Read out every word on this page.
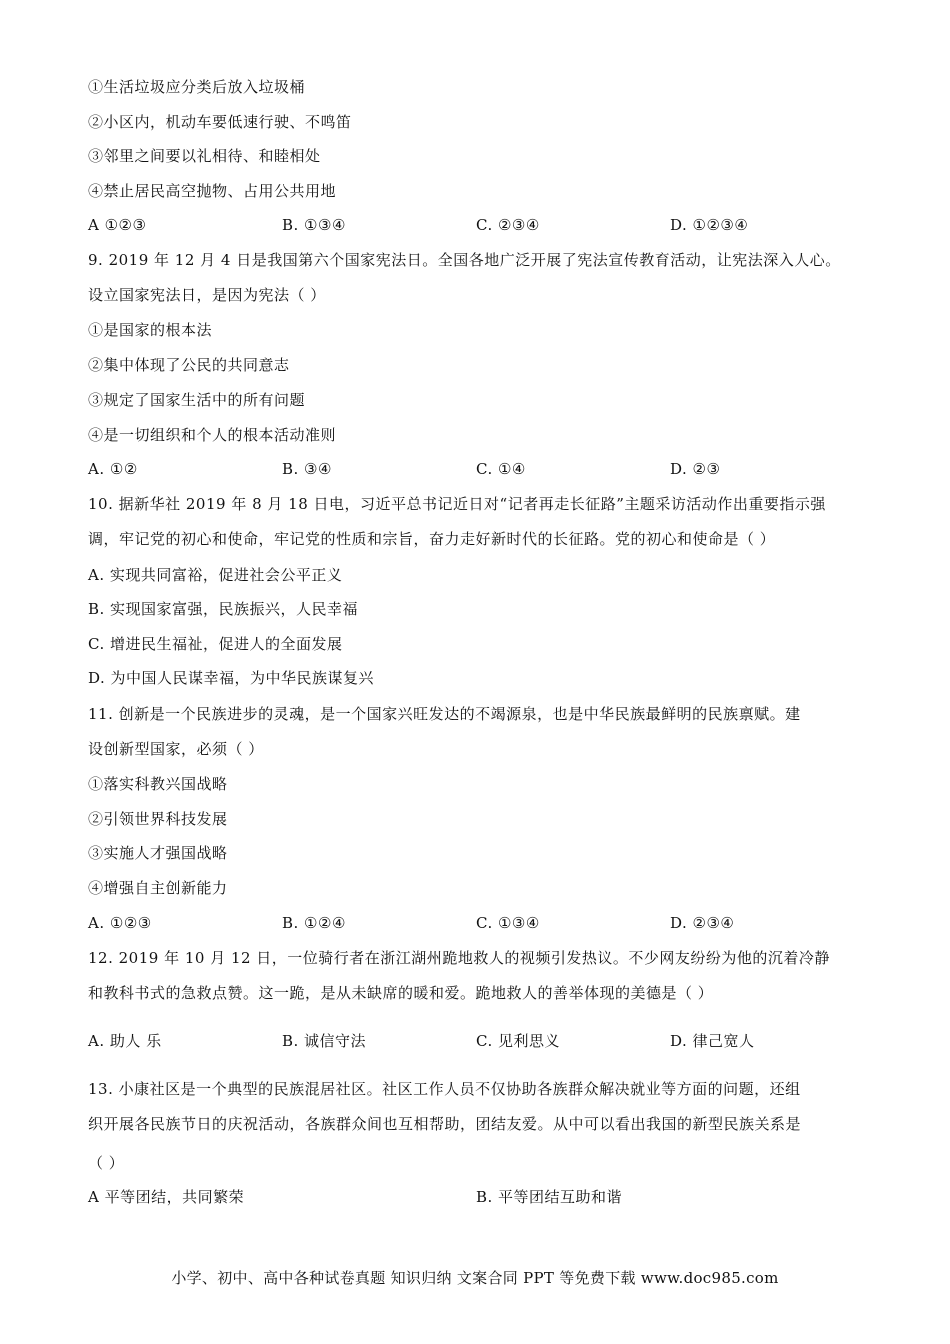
①生活垃圾应分类后放入垃圾桶
②小区内，机动车要低速行驶、不鸣笛
③邻里之间要以礼相待、和睦相处
④禁止居民高空抛物、占用公共用地
A ①②③	B. ①③④	C. ②③④	D. ①②③④
9. 2019 年 12 月 4 日是我国第六个国家宪法日。全国各地广泛开展了宪法宣传教育活动，让宪法深入人心。
设立国家宪法日，是因为宪法（ ）
①是国家的根本法
②集中体现了公民的共同意志
③规定了国家生活中的所有问题
④是一切组织和个人的根本活动准则
A. ①②	B. ③④	C. ①④	D. ②③
10. 据新华社 2019 年 8 月 18 日电，习近平总书记近日对“记者再走长征路”主题采访活动作出重要指示强
调，牢记党的初心和使命，牢记党的性质和宗旨，奋力走好新时代的长征路。党的初心和使命是（ ）
A. 实现共同富裕，促进社会公平正义
B. 实现国家富强，民族振兴，人民幸福
C. 增进民生福祉，促进人的全面发展
D. 为中国人民谋幸福，为中华民族谋复兴
11. 创新是一个民族进步的灵魂，是一个国家兴旺发达的不竭源泉，也是中华民族最鲜明的民族禀赋。建
设创新型国家，必须（ ）
①落实科教兴国战略
②引领世界科技发展
③实施人才强国战略
④增强自主创新能力
A. ①②③	B. ①②④	C. ①③④	D. ②③④
12. 2019 年 10 月 12 日，一位骑行者在浙江湖州跪地救人的视频引发热议。不少网友纷纷为他的沉着冷静
和教科书式的急救点赞。这一跪，是从未缺席的暖和爱。跪地救人的善举体现的美德是（ ）
A. 助人 乐	B. 诚信守法	C. 见利思义	D. 律己宽人
13. 小康社区是一个典型的民族混居社区。社区工作人员不仅协助各族群众解决就业等方面的问题，还组
织开展各民族节日的庆祝活动，各族群众间也互相帮助，团结友爱。从中可以看出我国的新型民族关系是
（ ）
A 平等团结，共同繁荣	B. 平等团结互助和谐
小学、初中、高中各种试卷真题 知识归纳 文案合同 PPT 等免费下载 www.doc985.com
